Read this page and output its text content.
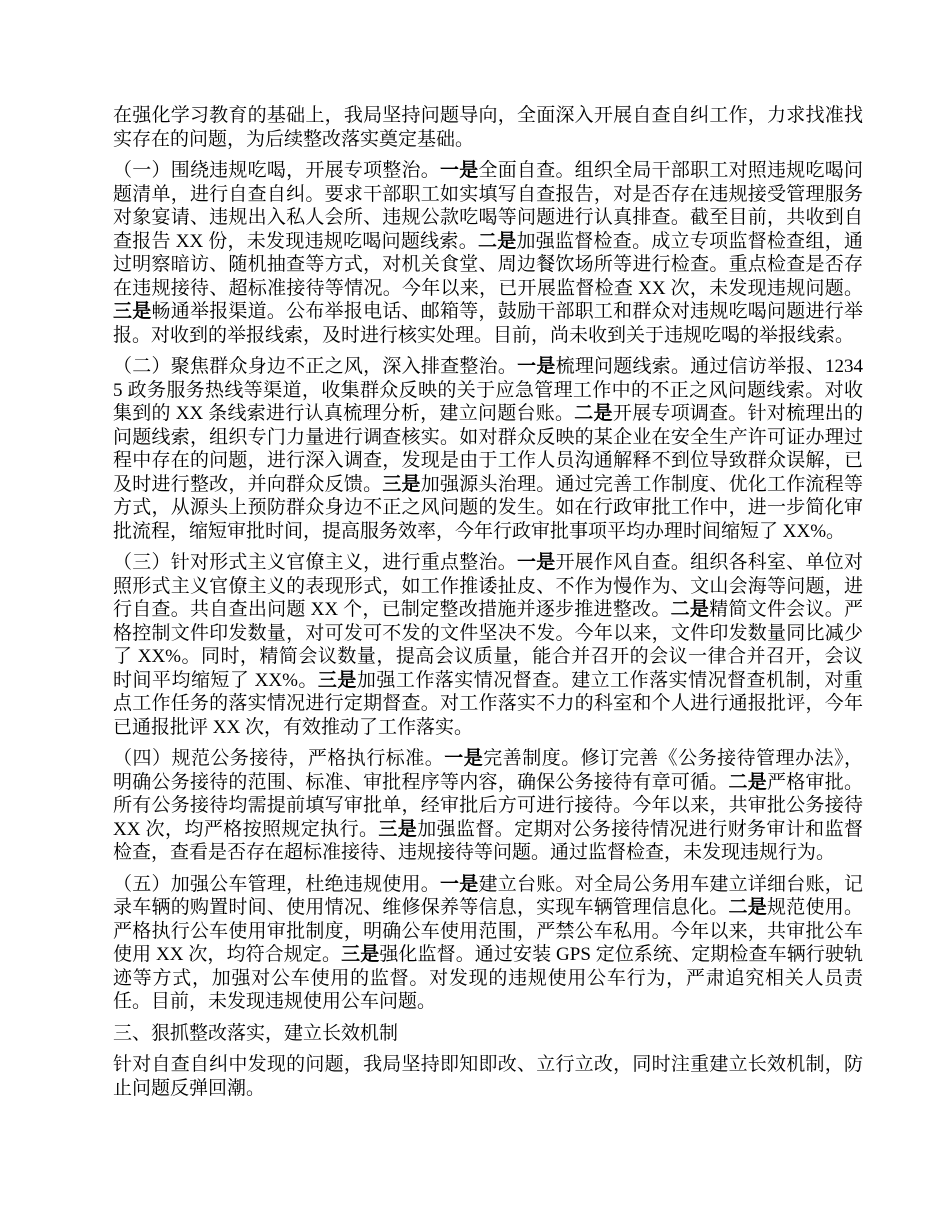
在强化学习教育的基础上，我局坚持问题导向，全面深入开展自查自纠工作，力求找准找实存在的问题，为后续整改落实奠定基础。

（一）围绕违规吃喝，开展专项整治。一是全面自查。组织全局干部职工对照违规吃喝问题清单，进行自查自纠。要求干部职工如实填写自查报告，对是否存在违规接受管理服务对象宴请、违规出入私人会所、违规公款吃喝等问题进行认真排查。截至目前，共收到自查报告 XX 份，未发现违规吃喝问题线索。二是加强监督检查。成立专项监督检查组，通过明察暗访、随机抽查等方式，对机关食堂、周边餐饮场所等进行检查。重点检查是否存在违规接待、超标准接待等情况。今年以来，已开展监督检查 XX 次，未发现违规问题。三是畅通举报渠道。公布举报电话、邮箱等，鼓励干部职工和群众对违规吃喝问题进行举报。对收到的举报线索，及时进行核实处理。目前，尚未收到关于违规吃喝的举报线索。

（二）聚焦群众身边不正之风，深入排查整治。一是梳理问题线索。通过信访举报、12345 政务服务热线等渠道，收集群众反映的关于应急管理工作中的不正之风问题线索。对收集到的 XX 条线索进行认真梳理分析，建立问题台账。二是开展专项调查。针对梳理出的问题线索，组织专门力量进行调查核实。如对群众反映的某企业在安全生产许可证办理过程中存在的问题，进行深入调查，发现是由于工作人员沟通解释不到位导致群众误解，已及时进行整改，并向群众反馈。三是加强源头治理。通过完善工作制度、优化工作流程等方式，从源头上预防群众身边不正之风问题的发生。如在行政审批工作中，进一步简化审批流程，缩短审批时间，提高服务效率，今年行政审批事项平均办理时间缩短了 XX%。

（三）针对形式主义官僚主义，进行重点整治。一是开展作风自查。组织各科室、单位对照形式主义官僚主义的表现形式，如工作推诿扯皮、不作为慢作为、文山会海等问题，进行自查。共自查出问题 XX 个，已制定整改措施并逐步推进整改。二是精简文件会议。严格控制文件印发数量，对可发可不发的文件坚决不发。今年以来，文件印发数量同比减少了 XX%。同时，精简会议数量，提高会议质量，能合并召开的会议一律合并召开，会议时间平均缩短了 XX%。三是加强工作落实情况督查。建立工作落实情况督查机制，对重点工作任务的落实情况进行定期督查。对工作落实不力的科室和个人进行通报批评，今年已通报批评 XX 次，有效推动了工作落实。

（四）规范公务接待，严格执行标准。一是完善制度。修订完善《公务接待管理办法》，明确公务接待的范围、标准、审批程序等内容，确保公务接待有章可循。二是严格审批。所有公务接待均需提前填写审批单，经审批后方可进行接待。今年以来，共审批公务接待 XX 次，均严格按照规定执行。三是加强监督。定期对公务接待情况进行财务审计和监督检查，查看是否存在超标准接待、违规接待等问题。通过监督检查，未发现违规行为。

（五）加强公车管理，杜绝违规使用。一是建立台账。对全局公务用车建立详细台账，记录车辆的购置时间、使用情况、维修保养等信息，实现车辆管理信息化。二是规范使用。严格执行公车使用审批制度，明确公车使用范围，严禁公车私用。今年以来，共审批公车使用 XX 次，均符合规定。三是强化监督。通过安装 GPS 定位系统、定期检查车辆行驶轨迹等方式，加强对公车使用的监督。对发现的违规使用公车行为，严肃追究相关人员责任。目前，未发现违规使用公车问题。

三、狠抓整改落实，建立长效机制

针对自查自纠中发现的问题，我局坚持即知即改、立行立改，同时注重建立长效机制，防止问题反弹回潮。
